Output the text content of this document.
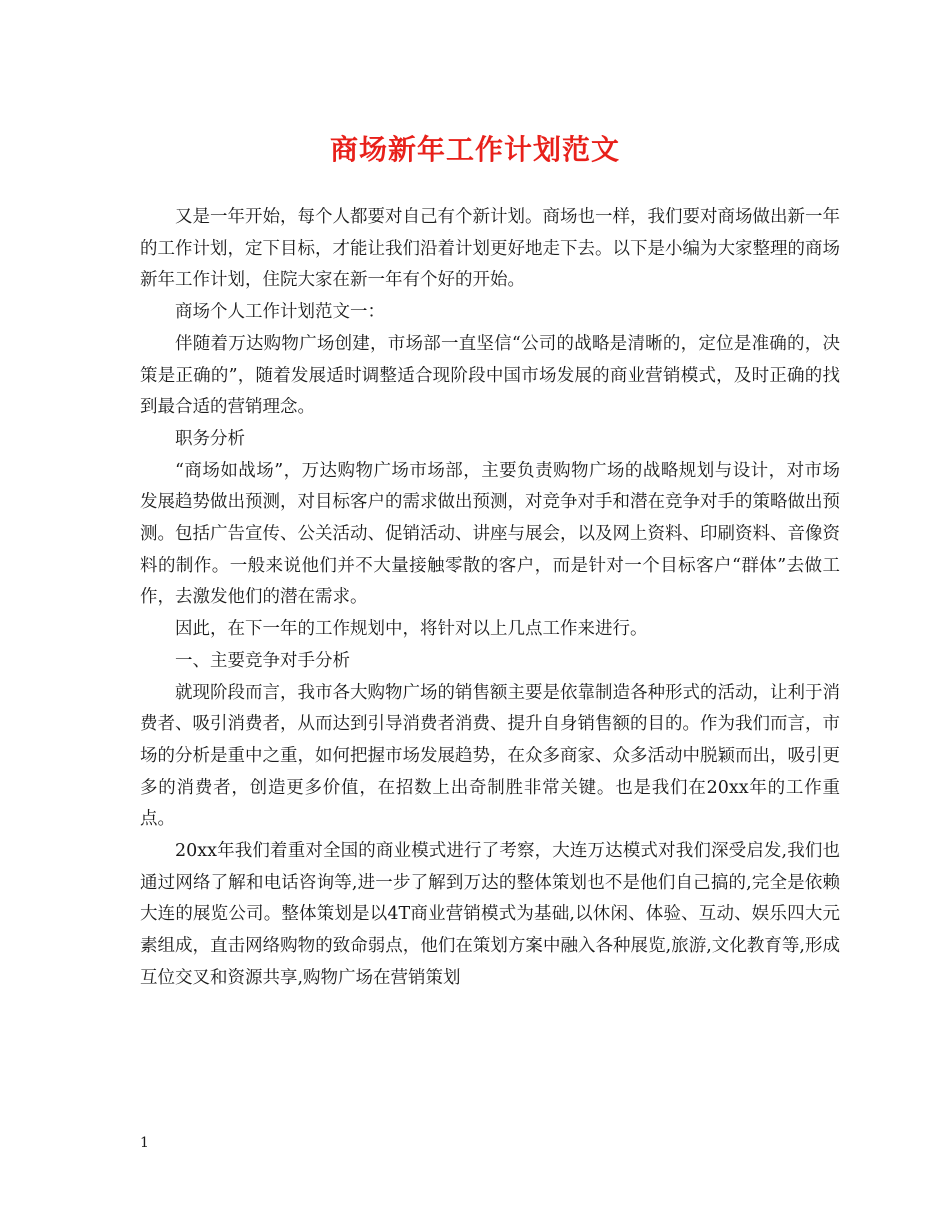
商场新年工作计划范文

又是一年开始，每个人都要对自己有个新计划。商场也一样，我们要对商场做出新一年的工作计划，定下目标，才能让我们沿着计划更好地走下去。以下是小编为大家整理的商场新年工作计划，住院大家在新一年有个好的开始。

商场个人工作计划范文一：

伴随着万达购物广场创建，市场部一直坚信“公司的战略是清晰的，定位是准确的，决策是正确的”，随着发展适时调整适合现阶段中国市场发展的商业营销模式，及时正确的找到最合适的营销理念。

职务分析

“商场如战场”，万达购物广场市场部，主要负责购物广场的战略规划与设计，对市场发展趋势做出预测，对目标客户的需求做出预测，对竞争对手和潜在竞争对手的策略做出预测。包括广告宣传、公关活动、促销活动、讲座与展会，以及网上资料、印刷资料、音像资料的制作。一般来说他们并不大量接触零散的客户，而是针对一个目标客户“群体”去做工作，去激发他们的潜在需求。

因此，在下一年的工作规划中，将针对以上几点工作来进行。

一、主要竞争对手分析

就现阶段而言，我市各大购物广场的销售额主要是依靠制造各种形式的活动，让利于消费者、吸引消费者，从而达到引导消费者消费、提升自身销售额的目的。作为我们而言，市场的分析是重中之重，如何把握市场发展趋势，在众多商家、众多活动中脱颖而出，吸引更多的消费者，创造更多价值，在招数上出奇制胜非常关键。也是我们在20xx年的工作重点。

20xx年我们着重对全国的商业模式进行了考察，大连万达模式对我们深受启发,我们也通过网络了解和电话咨询等,进一步了解到万达的整体策划也不是他们自己搞的,完全是依赖大连的展览公司。整体策划是以4T商业营销模式为基础,以休闲、体验、互动、娱乐四大元素组成，直击网络购物的致命弱点，他们在策划方案中融入各种展览,旅游,文化教育等,形成互位交叉和资源共享,购物广场在营销策划

1
